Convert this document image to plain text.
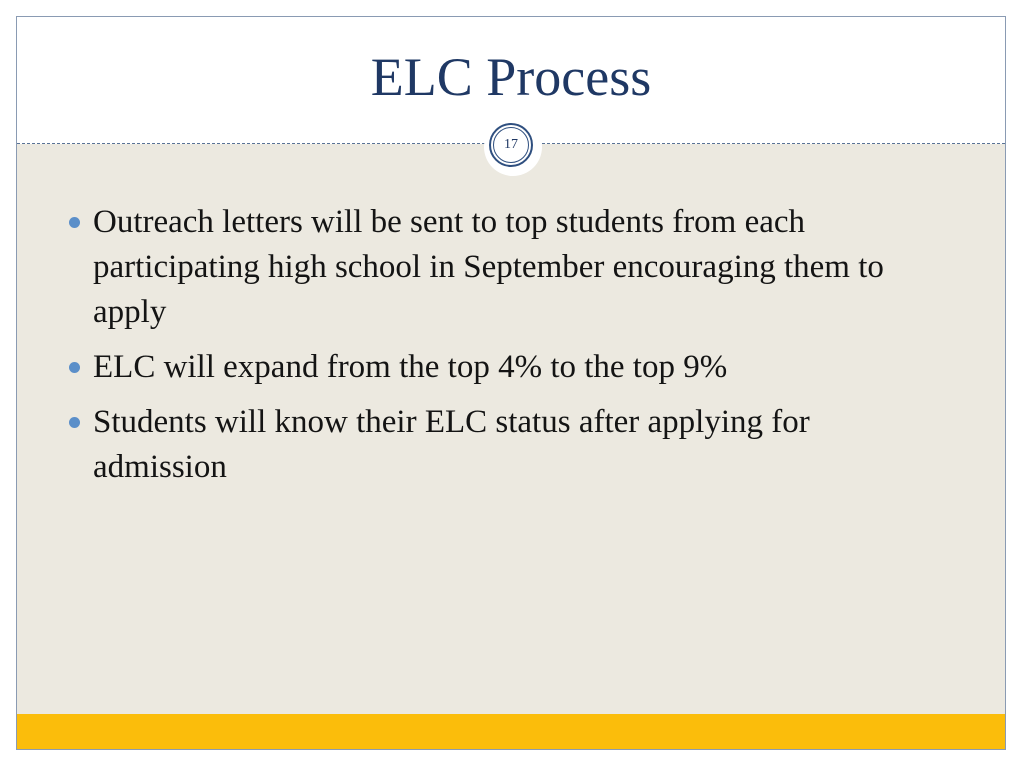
ELC Process
17
Outreach letters will be sent to top students from each participating high school in September encouraging them to apply
ELC will expand from the top 4% to the top 9%
Students will know their ELC status after applying for admission
